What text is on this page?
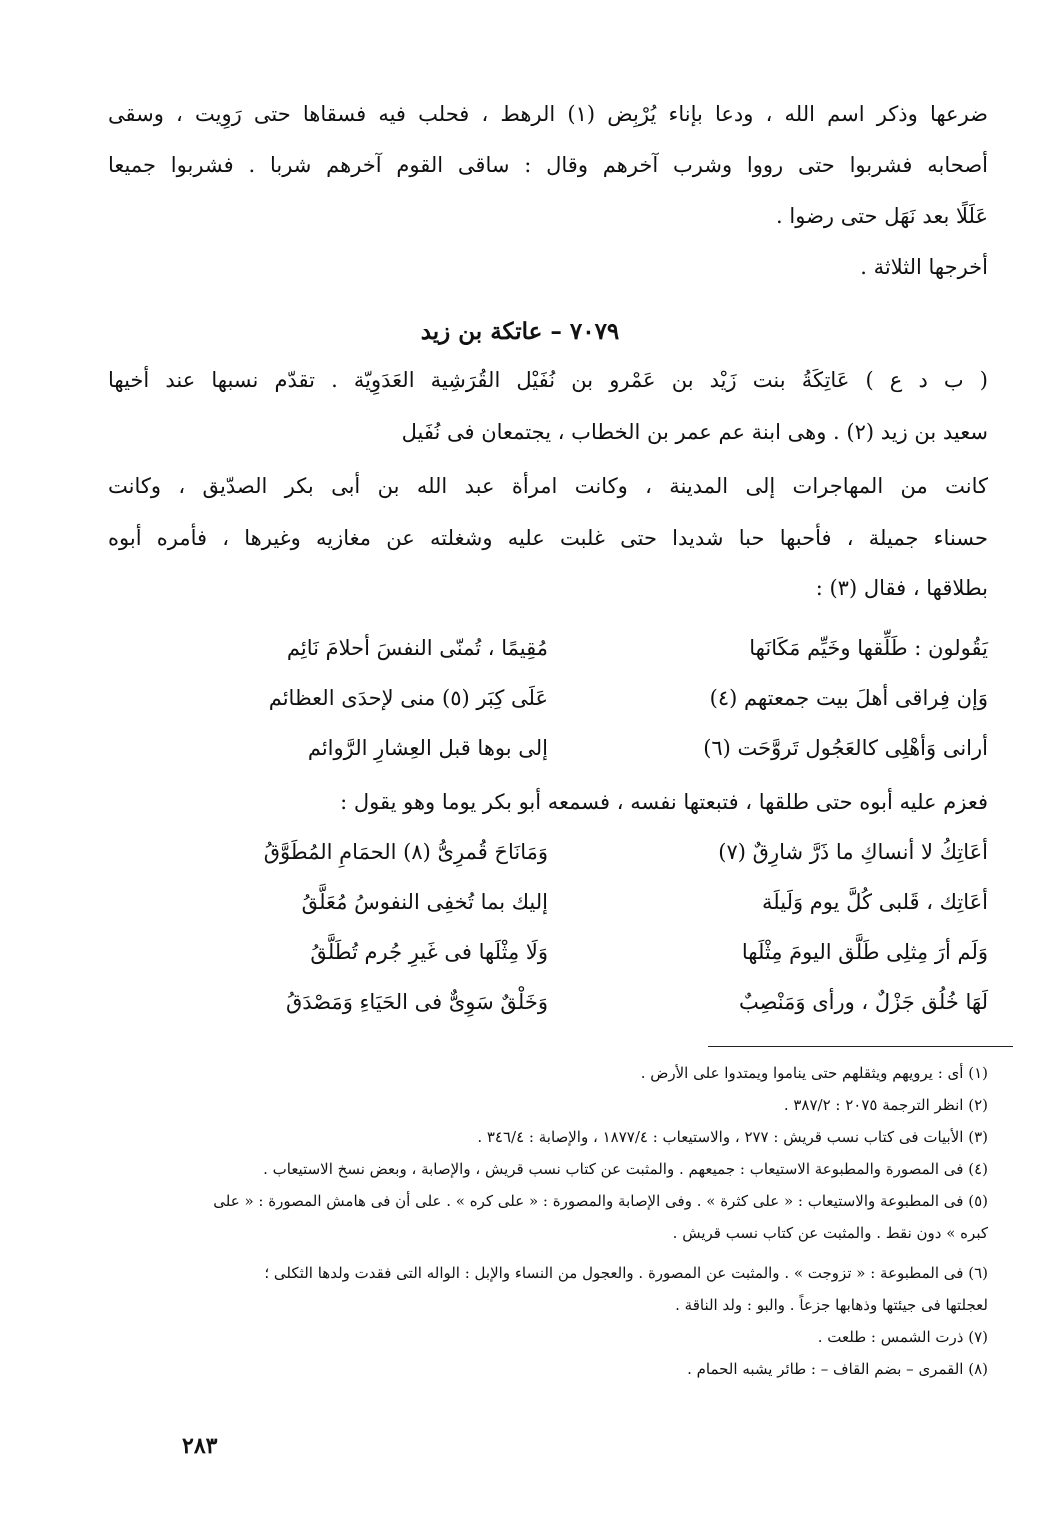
ضرعها وذكر اسم الله ، ودعا بإناء يُرْبِض (١) الرهط ، فحلب فيه فسقاها حتى رَوِيت ، وسقى
أصحابه فشربوا حتى رووا وشرب آخرهم وقال : ساقى القوم آخرهم شربا . فشربوا جميعا
عَلَلًا بعد نَهَل حتى رضوا .
أخرجها الثلاثة .
٧٠٧٩ – عاتكة بن زيد
( ب د ع ) عَاتِكَةُ بنت زَيْد بن عَمْرو بن نُفَيْل القُرَشِية العَدَوِيّة . تقدّم نسبها عند أخيها
سعيد بن زيد (٢) . وهى ابنة عم عمر بن الخطاب ، يجتمعان فى نُفَيل
كانت من المهاجرات إلى المدينة ، وكانت امرأة عبد الله بن أبى بكر الصدّيق ، وكانت
حسناء جميلة ، فأحبها حبا شديدا حتى غلبت عليه وشغلته عن مغازيه وغيرها ، فأمره أبوه
بطلاقها ، فقال (٣) :
يَقُولون : طَلِّقها وخَيِّم مَكَانَها
مُقِيمًا ، تُمنّى النفسَ أحلامَ نَائِم
وَإن فِراقى أهلَ بيت جمعتهم (٤)
عَلَى كِبَر (٥) منى لإحدَى العظائم
أرانى وَأهْلِى كالعَجُول تَروَّحَت (٦)
إلى بوها قبل العِشارِ الرَّوائم
فعزم عليه أبوه حتى طلقها ، فتبعتها نفسه ، فسمعه أبو بكر يوما وهو يقول :
أعَاتِكُ لا أنساكِ ما ذَرَّ شارِقٌ (٧)
وَمَانَاحَ قُمرِىُّ (٨) الحمَامِ المُطَوَّقُ
أعَاتِك ، قَلبى كُلَّ يوم وَلَيلَة
إليك بما تُخفِى النفوسُ مُعَلَّقُ
وَلَم أرَ مِثلِى طَلَّق اليومَ مِثْلَها
وَلَا مِثْلَها فى غَيرِ جُرم تُطَلَّقُ
لَهَا خُلُق جَزْلٌ ، ورأى وَمَنْصِبٌ
وَخَلْقٌ سَوِىٌّ فى الحَيَاءِ وَمَصْدَقُ
(١) أى : يرويهم ويثقلهم حتى يناموا ويمتدوا على الأرض .
(٢) انظر الترجمة ٢٠٧٥ : ٣٨٧/٢ .
(٣) الأبيات فى كتاب نسب قريش : ٢٧٧ ، والاستيعاب : ١٨٧٧/٤ ، والإصابة : ٣٤٦/٤ .
(٤) فى المصورة والمطبوعة الاستيعاب : جميعهم . والمثبت عن كتاب نسب قريش ، والإصابة ، وبعض نسخ الاستيعاب .
(٥) فى المطبوعة والاستيعاب : « على كثرة » . وفى الإصابة والمصورة : « على كره » . على أن فى هامش المصورة : « على
كبره » دون نقط . والمثبت عن كتاب نسب قريش .
(٦) فى المطبوعة : « تزوجت » . والمثبت عن المصورة . والعجول من النساء والإبل : الواله التى فقدت ولدها الثكلى ؛
لعجلتها فى جيئتها وذهابها جزعاً . والبو : ولد الناقة .
(٧) ذرت الشمس : طلعت .
(٨) القمرى – بضم القاف – : طائر يشبه الحمام .
٢٨٣
